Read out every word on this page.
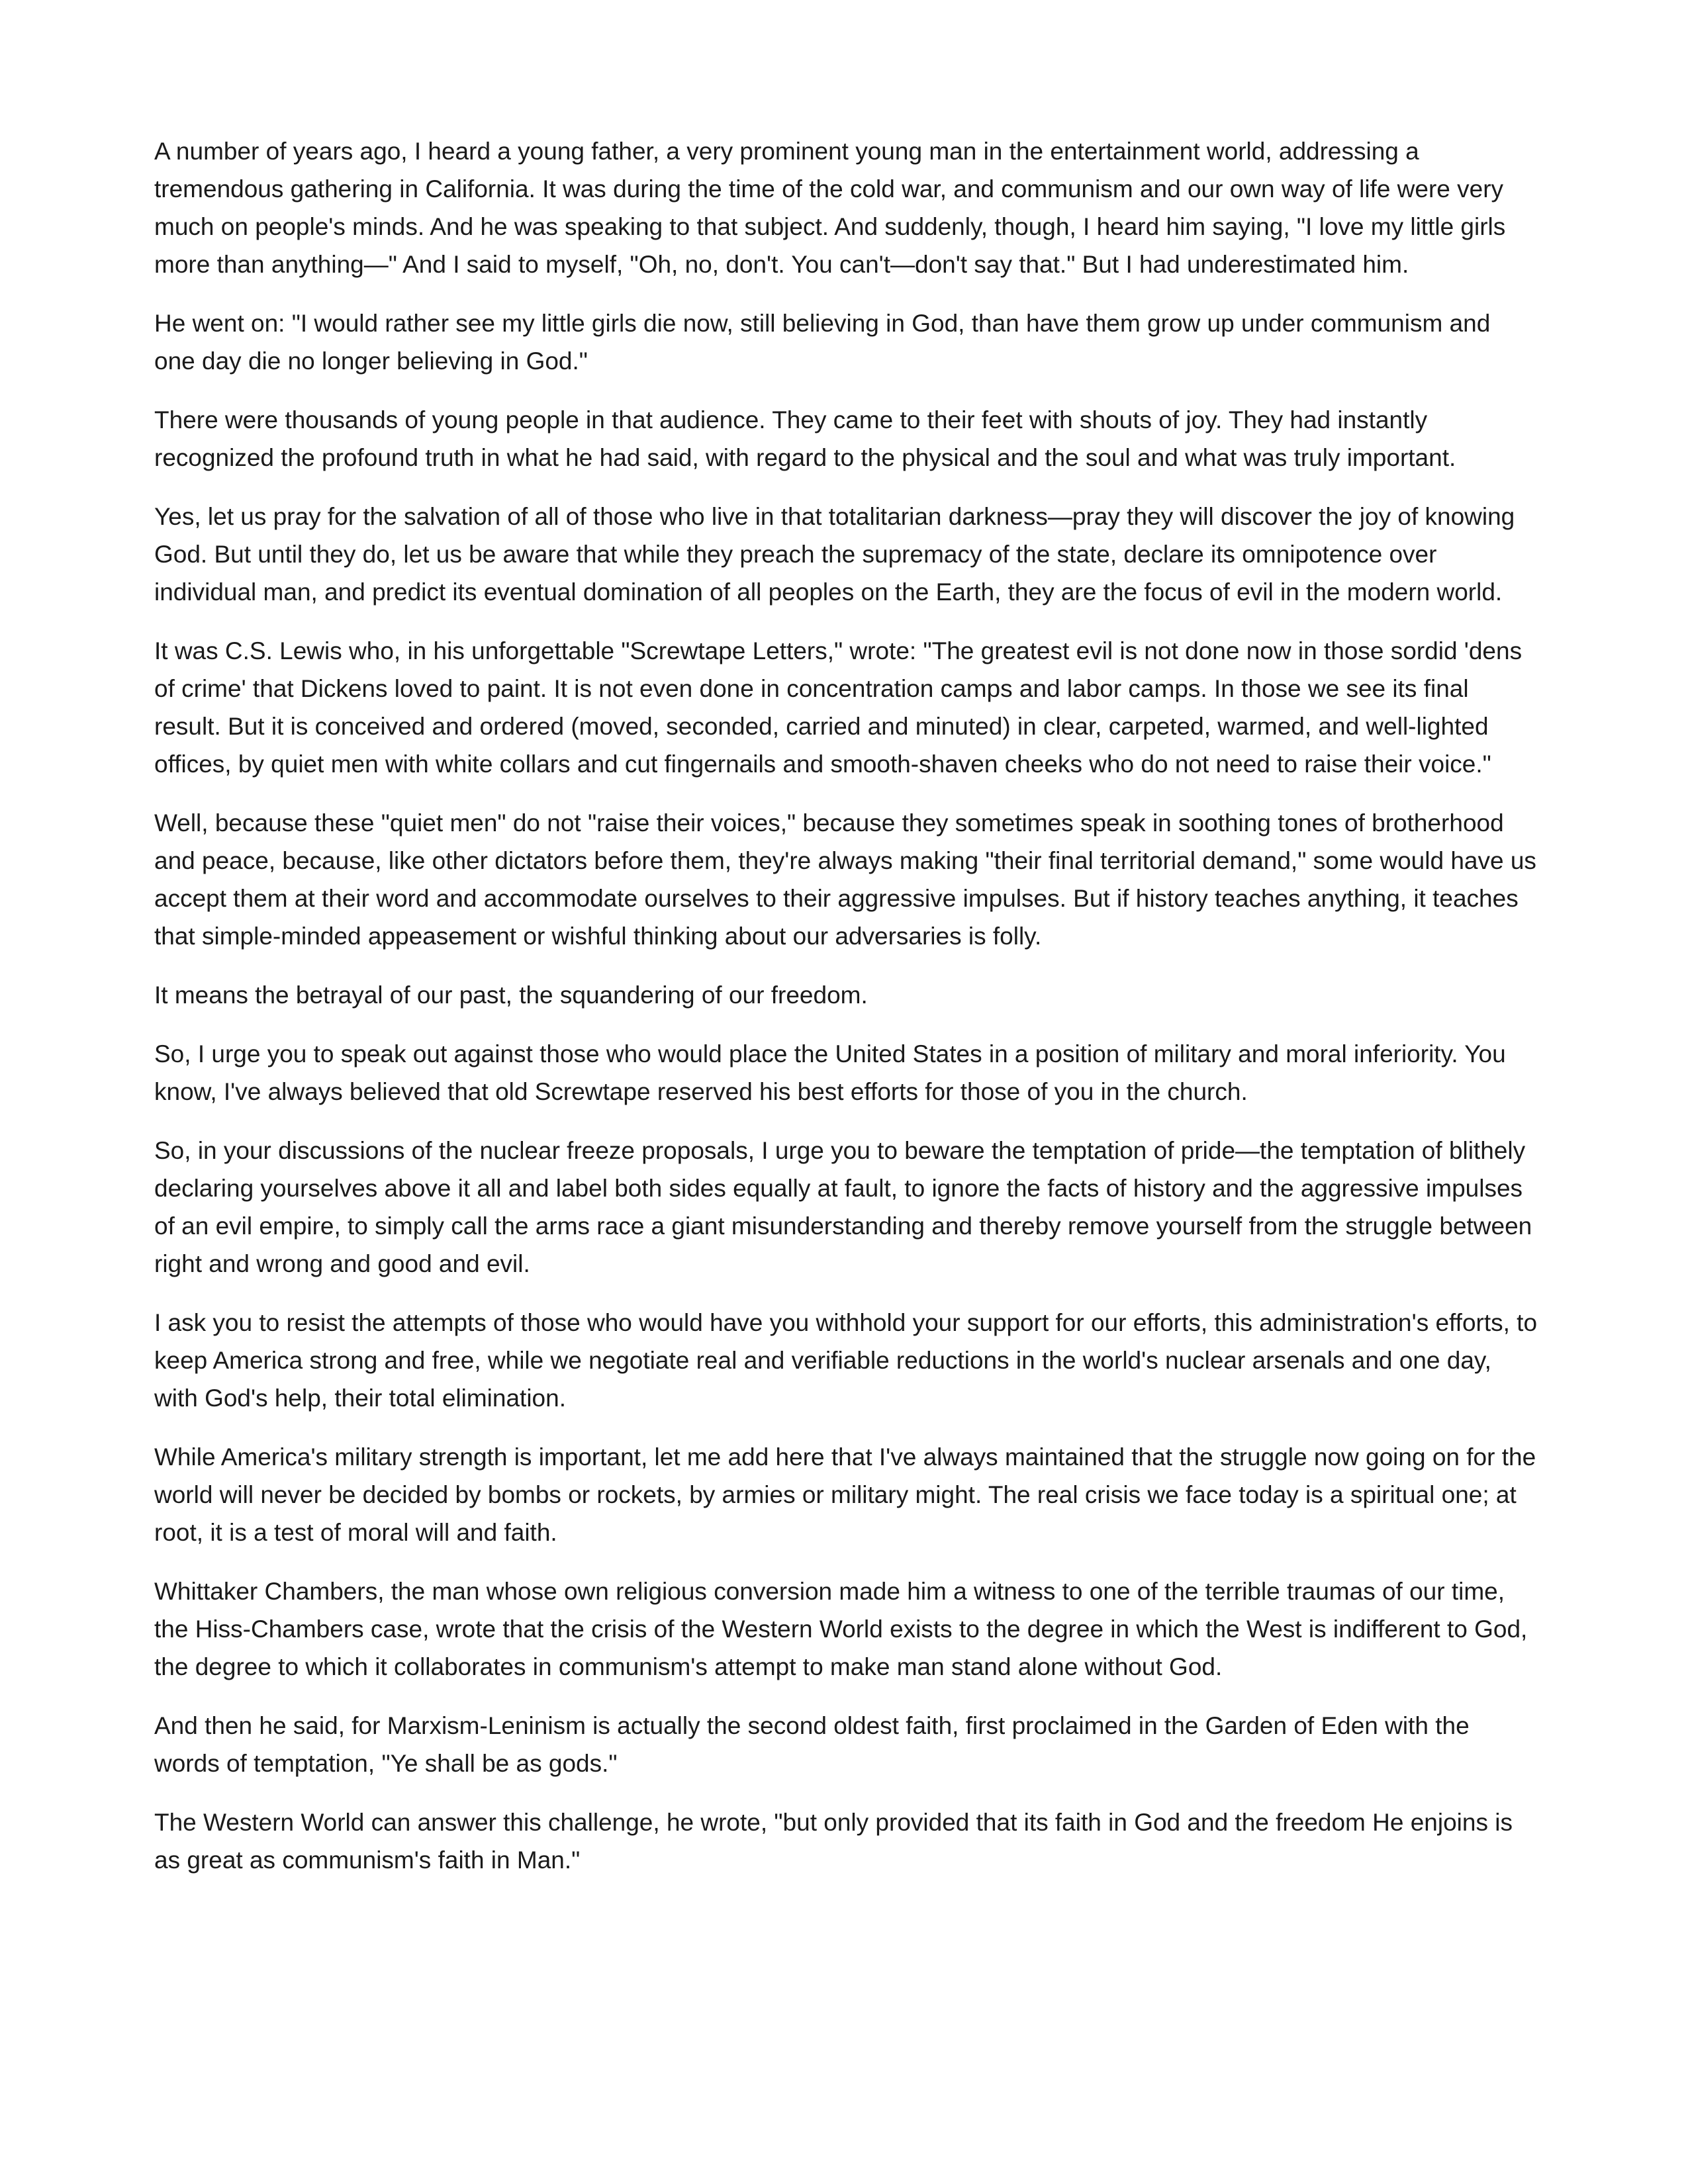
A number of years ago, I heard a young father, a very prominent young man in the entertainment world, addressing a tremendous gathering in California. It was during the time of the cold war, and communism and our own way of life were very much on people's minds. And he was speaking to that subject. And suddenly, though, I heard him saying, "I love my little girls more than anything—" And I said to myself, "Oh, no, don't. You can't—don't say that." But I had underestimated him.

He went on: "I would rather see my little girls die now, still believing in God, than have them grow up under communism and one day die no longer believing in God."

There were thousands of young people in that audience. They came to their feet with shouts of joy. They had instantly recognized the profound truth in what he had said, with regard to the physical and the soul and what was truly important.

Yes, let us pray for the salvation of all of those who live in that totalitarian darkness—pray they will discover the joy of knowing God. But until they do, let us be aware that while they preach the supremacy of the state, declare its omnipotence over individual man, and predict its eventual domination of all peoples on the Earth, they are the focus of evil in the modern world.

It was C.S. Lewis who, in his unforgettable "Screwtape Letters," wrote: "The greatest evil is not done now in those sordid 'dens of crime' that Dickens loved to paint. It is not even done in concentration camps and labor camps. In those we see its final result. But it is conceived and ordered (moved, seconded, carried and minuted) in clear, carpeted, warmed, and well-lighted offices, by quiet men with white collars and cut fingernails and smooth-shaven cheeks who do not need to raise their voice."

Well, because these "quiet men" do not "raise their voices," because they sometimes speak in soothing tones of brotherhood and peace, because, like other dictators before them, they're always making "their final territorial demand," some would have us accept them at their word and accommodate ourselves to their aggressive impulses. But if history teaches anything, it teaches that simple-minded appeasement or wishful thinking about our adversaries is folly.

It means the betrayal of our past, the squandering of our freedom.

So, I urge you to speak out against those who would place the United States in a position of military and moral inferiority. You know, I've always believed that old Screwtape reserved his best efforts for those of you in the church.

So, in your discussions of the nuclear freeze proposals, I urge you to beware the temptation of pride—the temptation of blithely declaring yourselves above it all and label both sides equally at fault, to ignore the facts of history and the aggressive impulses of an evil empire, to simply call the arms race a giant misunderstanding and thereby remove yourself from the struggle between right and wrong and good and evil.

I ask you to resist the attempts of those who would have you withhold your support for our efforts, this administration's efforts, to keep America strong and free, while we negotiate real and verifiable reductions in the world's nuclear arsenals and one day, with God's help, their total elimination.

While America's military strength is important, let me add here that I've always maintained that the struggle now going on for the world will never be decided by bombs or rockets, by armies or military might. The real crisis we face today is a spiritual one; at root, it is a test of moral will and faith.

Whittaker Chambers, the man whose own religious conversion made him a witness to one of the terrible traumas of our time, the Hiss-Chambers case, wrote that the crisis of the Western World exists to the degree in which the West is indifferent to God, the degree to which it collaborates in communism's attempt to make man stand alone without God.

And then he said, for Marxism-Leninism is actually the second oldest faith, first proclaimed in the Garden of Eden with the words of temptation, "Ye shall be as gods."

The Western World can answer this challenge, he wrote, "but only provided that its faith in God and the freedom He enjoins is as great as communism's faith in Man."
